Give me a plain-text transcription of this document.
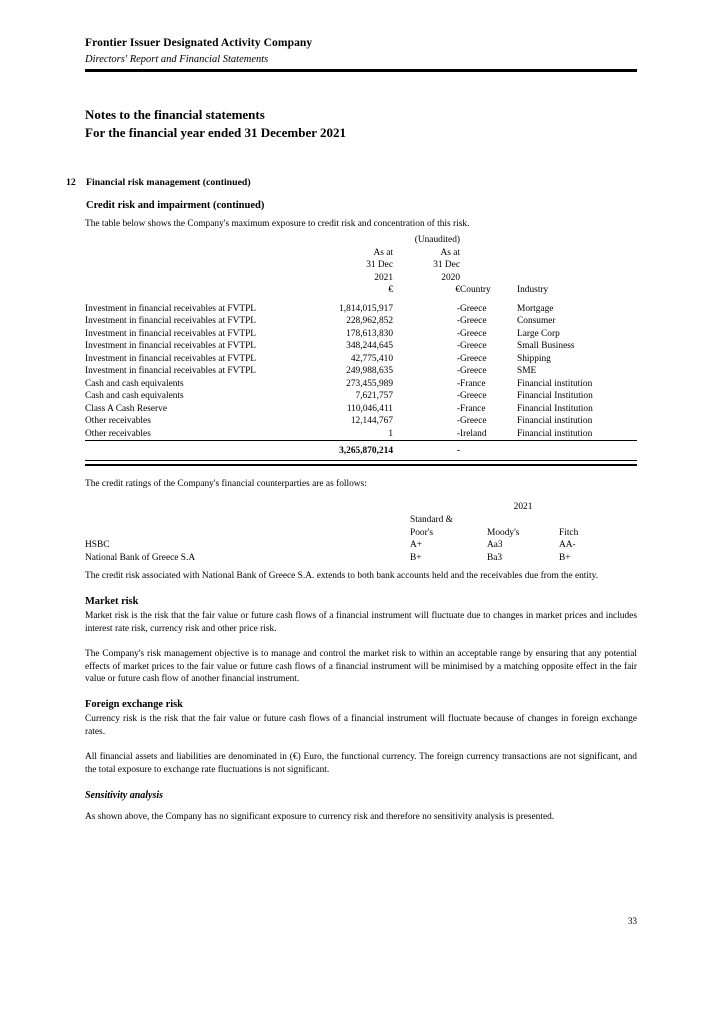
Frontier Issuer Designated Activity Company
Directors' Report and Financial Statements
Notes to the financial statements
For the financial year ended 31 December 2021
12	Financial risk management (continued)
Credit risk and impairment (continued)
The table below shows the Company's maximum exposure to credit risk and concentration of this risk.
		(Unaudited)		
	As at	As at		
	31 Dec	31 Dec		
	2021	2020		
	€	€	Country	Industry

Investment in financial receivables at FVTPL	1,814,015,917	-	Greece	Mortgage
Investment in financial receivables at FVTPL	228,962,852	-	Greece	Consumer
Investment in financial receivables at FVTPL	178,613,830	-	Greece	Large Corp
Investment in financial receivables at FVTPL	348,244,645	-	Greece	Small Business
Investment in financial receivables at FVTPL	42,775,410	-	Greece	Shipping
Investment in financial receivables at FVTPL	249,988,635	-	Greece	SME
Cash and cash equivalents	273,455,989	-	France	Financial institution
Cash and cash equivalents	7,621,757	-	Greece	Financial Institution
Class A Cash Reserve	110,046,411	-	France	Financial Institution
Other receivables	12,144,767	-	Greece	Financial institution
Other receivables	1	-	Ireland	Financial institution

	3,265,870,214	-		

The credit ratings of the Company's financial counterparties are as follows:

		2021	
	Standard &		
	Poor's	Moody's	Fitch
HSBC	A+	Aa3	AA-
National Bank of Greece S.A	B+	Ba3	B+

The credit risk associated with National Bank of Greece S.A. extends to both bank accounts held and the receivables due from the entity.

Market risk

Market risk is the risk that the fair value or future cash flows of a financial instrument will fluctuate due to changes in market prices and includes interest rate risk, currency risk and other price risk.

The Company's risk management objective is to manage and control the market risk to within an acceptable range by ensuring that any potential effects of market prices to the fair value or future cash flows of a financial instrument will be minimised by a matching opposite effect in the fair value or future cash flow of another financial instrument.

Foreign exchange risk

Currency risk is the risk that the fair value or future cash flows of a financial instrument will fluctuate because of changes in foreign exchange rates.

All financial assets and liabilities are denominated in (€) Euro, the functional currency. The foreign currency transactions are not significant, and the total exposure to exchange rate fluctuations is not significant.

Sensitivity analysis

As shown above, the Company has no significant exposure to currency risk and therefore no sensitivity analysis is presented.

33
